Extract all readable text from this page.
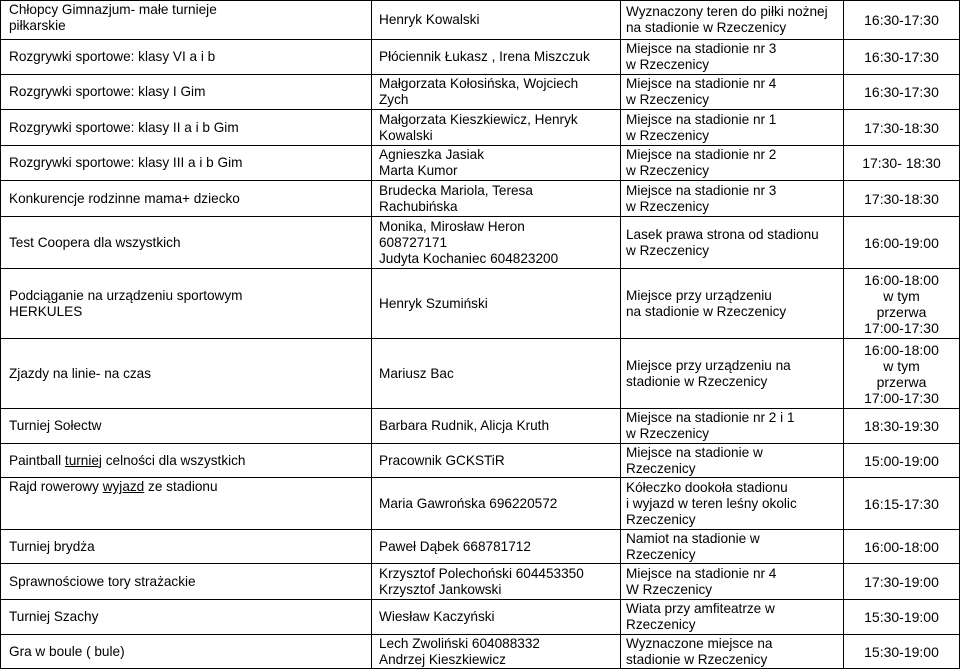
Chłopcy Gimnazjum- małe turnieje
piłkarskie	Henryk Kowalski	Wyznaczony teren do piłki nożnej
na stadionie w Rzeczenicy	16:30-17:30

Rozgrywki sportowe: klasy VI a i b	Płóciennik Łukasz , Irena Miszczuk	Miejsce na stadionie nr 3
w Rzeczenicy	16:30-17:30

Rozgrywki sportowe: klasy I Gim	Małgorzata Kołosińska, Wojciech
Zych	Miejsce na stadionie nr 4
w Rzeczenicy	16:30-17:30

Rozgrywki sportowe: klasy II a i b Gim	Małgorzata Kieszkiewicz, Henryk
Kowalski	Miejsce na stadionie nr 1
w Rzeczenicy	17:30-18:30

Rozgrywki sportowe: klasy III a i b Gim	Agnieszka Jasiak
Marta Kumor	Miejsce na stadionie nr 2
w Rzeczenicy	17:30- 18:30

Konkurencje rodzinne mama+ dziecko	Brudecka Mariola, Teresa
Rachubińska	Miejsce na stadionie nr 3
w Rzeczenicy	17:30-18:30

Test Coopera dla wszystkich	Monika, Mirosław Heron
608727171
Judyta Kochaniec 604823200	Lasek prawa strona od stadionu
w Rzeczenicy	16:00-19:00

Podciąganie na urządzeniu sportowym
HERKULES	Henryk Szumiński	Miejsce przy urządzeniu
na stadionie w Rzeczenicy	16:00-18:00
w tym
przerwa
17:00-17:30

Zjazdy na linie- na czas	Mariusz Bac	Miejsce przy urządzeniu na
stadionie w Rzeczenicy	16:00-18:00
w tym
przerwa
17:00-17:30

Turniej Sołectw	Barbara Rudnik, Alicja Kruth	Miejsce na stadionie nr 2 i 1
w Rzeczenicy	18:30-19:30

Paintball turniej celności dla wszystkich	Pracownik GCKSTiR	Miejsce na stadionie w
Rzeczenicy	15:00-19:00

Rajd rowerowy wyjazd ze stadionu	Maria Gawrońska 696220572	Kółeczko dookoła stadionu
i wyjazd w teren leśny okolic
Rzeczenicy	16:15-17:30

Turniej brydża	Paweł Dąbek 668781712	Namiot na stadionie w
Rzeczenicy	16:00-18:00

Sprawnościowe tory strażackie	Krzysztof Polechoński 604453350
Krzysztof Jankowski	Miejsce na stadionie nr 4
W Rzeczenicy	17:30-19:00

Turniej Szachy	Wiesław Kaczyński	Wiata przy amfiteatrze w
Rzeczenicy	15:30-19:00

Gra w boule ( bule)	Lech Zwoliński 604088332
Andrzej Kieszkiewicz	Wyznaczone miejsce na
stadionie w Rzeczenicy	15:30-19:00
